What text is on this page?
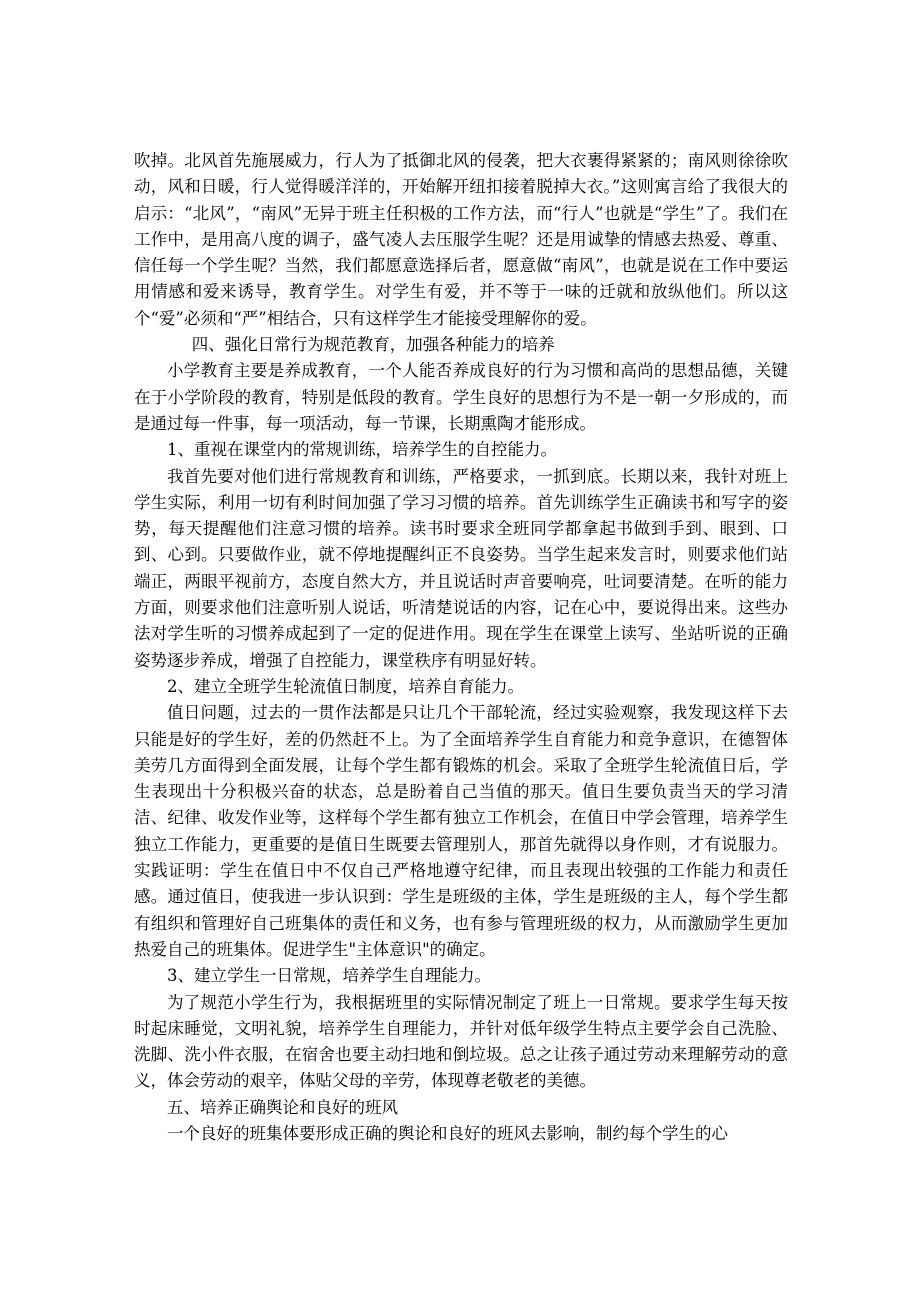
吹掉。北风首先施展威力，行人为了抵御北风的侵袭，把大衣裹得紧紧的；南风则徐徐吹动，风和日暖，行人觉得暖洋洋的，开始解开纽扣接着脱掉大衣。”这则寓言给了我很大的启示：“北风”，“南风”无异于班主任积极的工作方法，而“行人”也就是“学生”了。我们在工作中，是用高八度的调子，盛气凌人去压服学生呢？还是用诚挚的情感去热爱、尊重、信任每一个学生呢？当然，我们都愿意选择后者，愿意做“南风”，也就是说在工作中要运用情感和爱来诱导，教育学生。对学生有爱，并不等于一味的迁就和放纵他们。所以这个“爱”必须和“严”相结合，只有这样学生才能接受理解你的爱。

四、强化日常行为规范教育，加强各种能力的培养

小学教育主要是养成教育，一个人能否养成良好的行为习惯和高尚的思想品德，关键在于小学阶段的教育，特别是低段的教育。学生良好的思想行为不是一朝一夕形成的，而是通过每一件事，每一项活动，每一节课，长期熏陶才能形成。

1、重视在课堂内的常规训练，培养学生的自控能力。

我首先要对他们进行常规教育和训练，严格要求，一抓到底。长期以来，我针对班上学生实际，利用一切有利时间加强了学习习惯的培养。首先训练学生正确读书和写字的姿势，每天提醒他们注意习惯的培养。读书时要求全班同学都拿起书做到手到、眼到、口到、心到。只要做作业，就不停地提醒纠正不良姿势。当学生起来发言时，则要求他们站端正，两眼平视前方，态度自然大方，并且说话时声音要响亮，吐词要清楚。在听的能力方面，则要求他们注意听别人说话，听清楚说话的内容，记在心中，要说得出来。这些办法对学生听的习惯养成起到了一定的促进作用。现在学生在课堂上读写、坐站听说的正确姿势逐步养成，增强了自控能力，课堂秩序有明显好转。

2、建立全班学生轮流值日制度，培养自育能力。

值日问题，过去的一贯作法都是只让几个干部轮流，经过实验观察，我发现这样下去只能是好的学生好，差的仍然赶不上。为了全面培养学生自育能力和竞争意识，在德智体美劳几方面得到全面发展，让每个学生都有锻炼的机会。采取了全班学生轮流值日后，学生表现出十分积极兴奋的状态，总是盼着自己当值的那天。值日生要负责当天的学习清洁、纪律、收发作业等，这样每个学生都有独立工作机会，在值日中学会管理，培养学生独立工作能力，更重要的是值日生既要去管理别人，那首先就得以身作则，才有说服力。实践证明：学生在值日中不仅自己严格地遵守纪律，而且表现出较强的工作能力和责任感。通过值日，使我进一步认识到：学生是班级的主体，学生是班级的主人，每个学生都有组织和管理好自己班集体的责任和义务，也有参与管理班级的权力，从而激励学生更加热爱自己的班集体。促进学生"主体意识"的确定。

3、建立学生一日常规，培养学生自理能力。

为了规范小学生行为，我根据班里的实际情况制定了班上一日常规。要求学生每天按时起床睡觉，文明礼貌，培养学生自理能力，并针对低年级学生特点主要学会自己洗脸、洗脚、洗小件衣服，在宿舍也要主动扫地和倒垃圾。总之让孩子通过劳动来理解劳动的意义，体会劳动的艰辛，体贴父母的辛劳，体现尊老敬老的美德。

五、培养正确舆论和良好的班风

一个良好的班集体要形成正确的舆论和良好的班风去影响，制约每个学生的心
